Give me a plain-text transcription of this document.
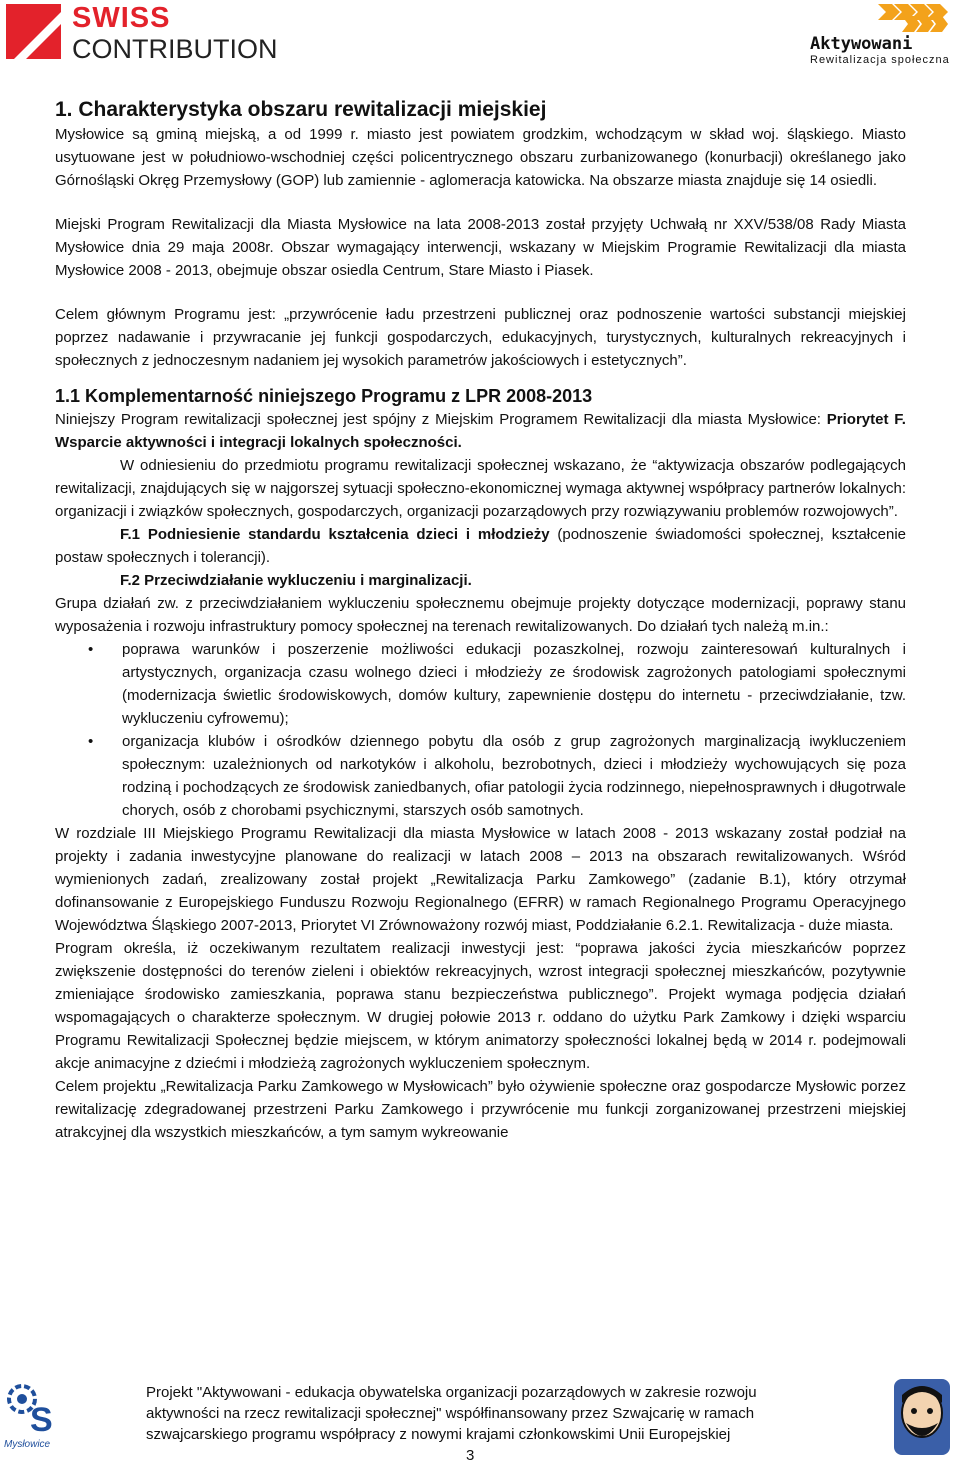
SWISS
CONTRIBUTION	Aktywowani
Rewitalizacja społeczna
1. Charakterystyka obszaru rewitalizacji miejskiej

Mysłowice są gminą miejską, a od 1999 r. miasto jest powiatem grodzkim, wchodzącym w skład woj. śląskiego. Miasto usytuowane jest w południowo-wschodniej części policentrycznego obszaru zurbanizowanego (konurbacji) określanego jako Górnośląski Okręg Przemysłowy (GOP) lub zamiennie - aglomeracja katowicka. Na obszarze miasta znajduje się 14 osiedli.

Miejski Program Rewitalizacji dla Miasta Mysłowice na lata 2008-2013 został przyjęty Uchwałą nr XXV/538/08 Rady Miasta Mysłowice dnia 29 maja 2008r. Obszar wymagający interwencji, wskazany w Miejskim Programie Rewitalizacji dla miasta Mysłowice 2008 - 2013, obejmuje obszar osiedla Centrum, Stare Miasto i Piasek.

Celem głównym Programu jest: „przywrócenie ładu przestrzeni publicznej oraz podnoszenie wartości substancji miejskiej poprzez nadawanie i przywracanie jej funkcji gospodarczych, edukacyjnych, turystycznych, kulturalnych rekreacyjnych i społecznych z jednoczesnym nadaniem jej wysokich parametrów jakościowych i estetycznych”.

1.1 Komplementarność niniejszego Programu z LPR 2008-2013

Niniejszy Program rewitalizacji społecznej jest spójny z Miejskim Programem Rewitalizacji dla miasta Mysłowice: Priorytet F. Wsparcie aktywności i integracji lokalnych społeczności.

W odniesieniu do przedmiotu programu rewitalizacji społecznej wskazano, że “aktywizacja obszarów podlegających rewitalizacji, znajdujących się w najgorszej sytuacji społeczno-ekonomicznej wymaga aktywnej współpracy partnerów lokalnych: organizacji i związków społecznych, gospodarczych, organizacji pozarządowych przy rozwiązywaniu problemów rozwojowych”.

F.1 Podniesienie standardu kształcenia dzieci i młodzieży (podnoszenie świadomości społecznej, kształcenie postaw społecznych i tolerancji).

F.2 Przeciwdziałanie wykluczeniu i marginalizacji.

Grupa działań zw. z przeciwdziałaniem wykluczeniu społecznemu obejmuje projekty dotyczące modernizacji, poprawy stanu wyposażenia i rozwoju infrastruktury pomocy społecznej na terenach rewitalizowanych. Do działań tych należą m.in.:

• poprawa warunków i poszerzenie możliwości edukacji pozaszkolnej, rozwoju zainteresowań kulturalnych i artystycznych, organizacja czasu wolnego dzieci i młodzieży ze środowisk zagrożonych patologiami społecznymi (modernizacja świetlic środowiskowych, domów kultury, zapewnienie dostępu do internetu - przeciwdziałanie, tzw. wykluczeniu cyfrowemu);
• organizacja klubów i ośrodków dziennego pobytu dla osób z grup zagrożonych marginalizacją iwykluczeniem społecznym: uzależnionych od narkotyków i alkoholu, bezrobotnych, dzieci i młodzieży wychowujących się poza rodziną i pochodzących ze środowisk zaniedbanych, ofiar patologii życia rodzinnego, niepełnosprawnych i długotrwale chorych, osób z chorobami psychicznymi, starszych osób samotnych.

W rozdziale III Miejskiego Programu Rewitalizacji dla miasta Mysłowice w latach 2008 - 2013 wskazany został podział na projekty i zadania inwestycyjne planowane do realizacji w latach 2008 – 2013 na obszarach rewitalizowanych. Wśród wymienionych zadań, zrealizowany został projekt „Rewitalizacja Parku Zamkowego” (zadanie B.1), który otrzymał dofinansowanie z Europejskiego Funduszu Rozwoju Regionalnego (EFRR) w ramach Regionalnego Programu Operacyjnego Województwa Śląskiego 2007-2013, Priorytet VI Zrównoważony rozwój miast, Poddziałanie 6.2.1. Rewitalizacja - duże miasta.

Program określa, iż oczekiwanym rezultatem realizacji inwestycji jest: “poprawa jakości życia mieszkańców poprzez zwiększenie dostępności do terenów zieleni i obiektów rekreacyjnych, wzrost integracji społecznej mieszkańców, pozytywnie zmieniające środowisko zamieszkania, poprawa stanu bezpieczeństwa publicznego”. Projekt wymaga podjęcia działań wspomagających o charakterze społecznym. W drugiej połowie 2013 r. oddano do użytku Park Zamkowy i dzięki wsparciu Programu Rewitalizacji Społecznej będzie miejscem, w którym animatorzy społeczności lokalnej będą w 2014 r. podejmowali akcje animacyjne z dziećmi i młodzieżą zagrożonych wykluczeniem społecznym.

Celem projektu „Rewitalizacja Parku Zamkowego w Mysłowicach” było ożywienie społeczne oraz gospodarcze Mysłowic porzez rewitalizację zdegradowanej przestrzeni Parku Zamkowego i przywrócenie mu funkcji zorganizowanej przestrzeni miejskiej atrakcyjnej dla wszystkich mieszkańców, a tym samym wykreowanie

S
Mysłowice
Projekt "Aktywowani - edukacja obywatelska organizacji pozarządowych w zakresie rozwoju
aktywności na rzecz rewitalizacji społecznej" współfinansowany przez Szwajcarię w ramach
szwajcarskiego programu współpracy z nowymi krajami członkowskimi Unii Europejskiej
3
